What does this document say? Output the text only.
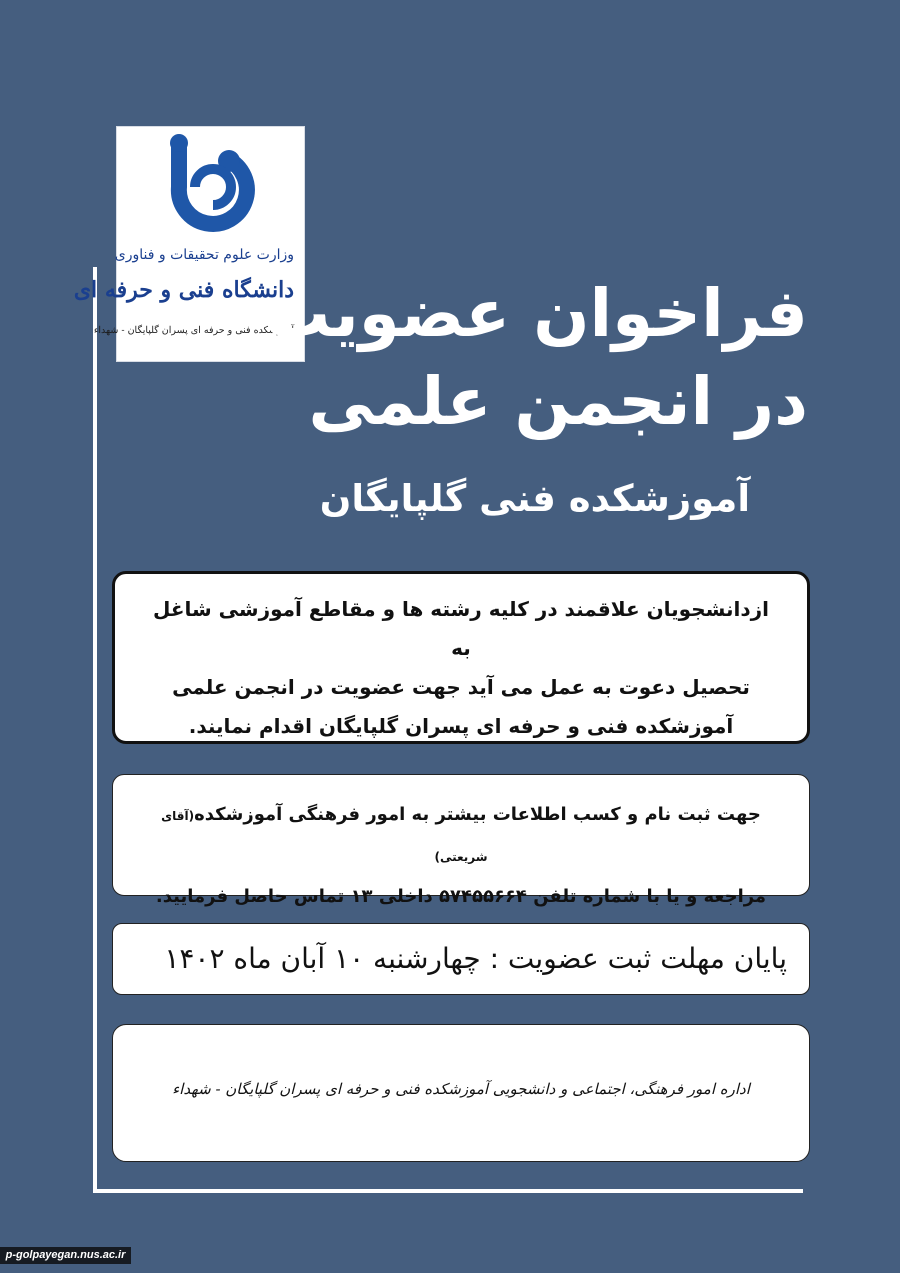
وزارت علوم تحقیقات و فناوری
دانشگاه فنی و حرفه ای
آموزشکده فنی و حرفه ای پسران گلپایگان - شهداء
فراخوان عضویت
در انجمن علمی
آموزشکده فنی گلپایگان
ازدانشجویان علاقمند در کلیه رشته ها و مقاطع آموزشی شاغل به
تحصیل دعوت به عمل می آید جهت عضویت در انجمن علمی
آموزشکده فنی و حرفه ای پسران گلپایگان اقدام نمایند.
جهت ثبت نام و کسب اطلاعات بیشتر به امور فرهنگی آموزشکده(آقای شریعتی)
مراجعه و یا با شماره تلفن ۵۷۴۵۵۶۶۴ داخلی ۱۳ تماس حاصل فرمایید.
پایان مهلت ثبت عضویت : چهارشنبه ۱۰ آبان ماه ۱۴۰۲
اداره امور فرهنگی، اجتماعی و دانشجویی آموزشکده فنی و حرفه ای پسران گلپایگان - شهداء
p-golpayegan.nus.ac.ir
